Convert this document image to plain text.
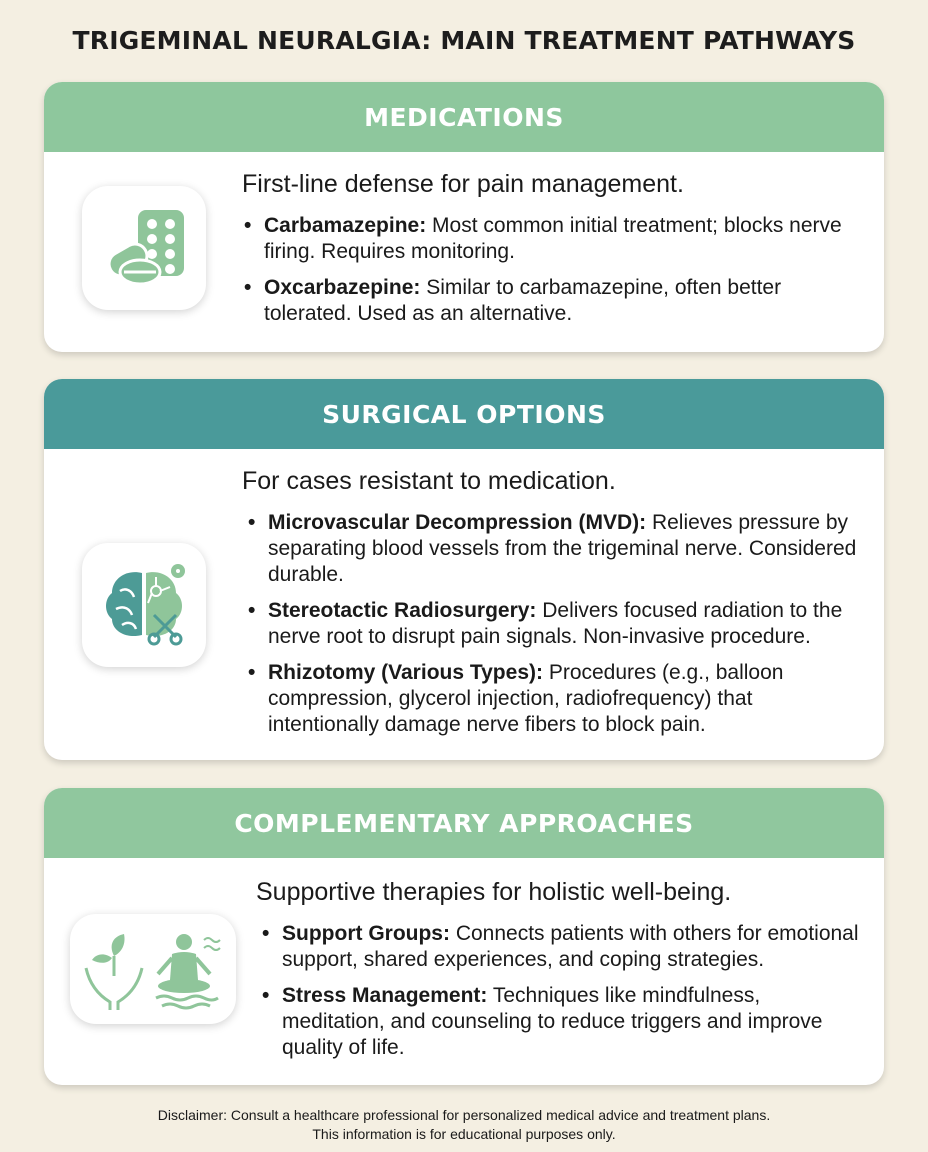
TRIGEMINAL NEURALGIA: MAIN TREATMENT PATHWAYS
MEDICATIONS

First-line defense for pain management.

• Carbamazepine: Most common initial treatment; blocks nerve firing. Requires monitoring.
• Oxcarbazepine: Similar to carbamazepine, often better tolerated. Used as an alternative.
SURGICAL OPTIONS

For cases resistant to medication.

• Microvascular Decompression (MVD): Relieves pressure by separating blood vessels from the trigeminal nerve. Considered durable.
• Stereotactic Radiosurgery: Delivers focused radiation to the nerve root to disrupt pain signals. Non-invasive procedure.
• Rhizotomy (Various Types): Procedures (e.g., balloon compression, glycerol injection, radiofrequency) that intentionally damage nerve fibers to block pain.
COMPLEMENTARY APPROACHES

Supportive therapies for holistic well-being.

• Support Groups: Connects patients with others for emotional support, shared experiences, and coping strategies.
• Stress Management: Techniques like mindfulness, meditation, and counseling to reduce triggers and improve quality of life.
Disclaimer: Consult a healthcare professional for personalized medical advice and treatment plans.
This information is for educational purposes only.
